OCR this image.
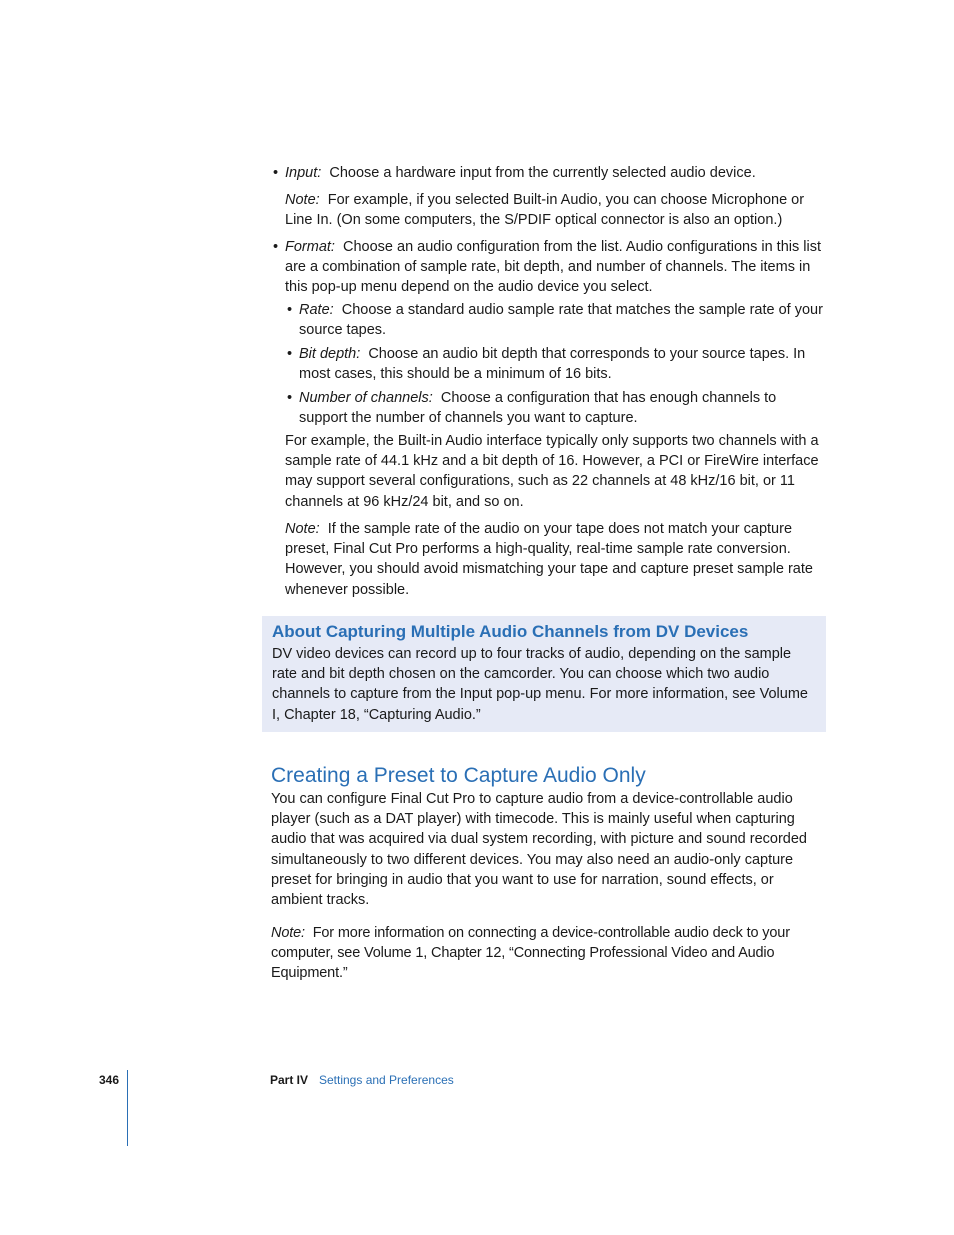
• Input: Choose a hardware input from the currently selected audio device.
Note: For example, if you selected Built-in Audio, you can choose Microphone or Line In. (On some computers, the S/PDIF optical connector is also an option.)
• Format: Choose an audio configuration from the list. Audio configurations in this list are a combination of sample rate, bit depth, and number of channels. The items in this pop-up menu depend on the audio device you select.
• Rate: Choose a standard audio sample rate that matches the sample rate of your source tapes.
• Bit depth: Choose an audio bit depth that corresponds to your source tapes. In most cases, this should be a minimum of 16 bits.
• Number of channels: Choose a configuration that has enough channels to support the number of channels you want to capture.
For example, the Built-in Audio interface typically only supports two channels with a sample rate of 44.1 kHz and a bit depth of 16. However, a PCI or FireWire interface may support several configurations, such as 22 channels at 48 kHz/16 bit, or 11 channels at 96 kHz/24 bit, and so on.
Note: If the sample rate of the audio on your tape does not match your capture preset, Final Cut Pro performs a high-quality, real-time sample rate conversion. However, you should avoid mismatching your tape and capture preset sample rate whenever possible.
About Capturing Multiple Audio Channels from DV Devices
DV video devices can record up to four tracks of audio, depending on the sample rate and bit depth chosen on the camcorder. You can choose which two audio channels to capture from the Input pop-up menu. For more information, see Volume I, Chapter 18, “Capturing Audio.”
Creating a Preset to Capture Audio Only
You can configure Final Cut Pro to capture audio from a device-controllable audio player (such as a DAT player) with timecode. This is mainly useful when capturing audio that was acquired via dual system recording, with picture and sound recorded simultaneously to two different devices. You may also need an audio-only capture preset for bringing in audio that you want to use for narration, sound effects, or ambient tracks.
Note: For more information on connecting a device-controllable audio deck to your computer, see Volume 1, Chapter 12, “Connecting Professional Video and Audio Equipment.”
346	Part IV Settings and Preferences
